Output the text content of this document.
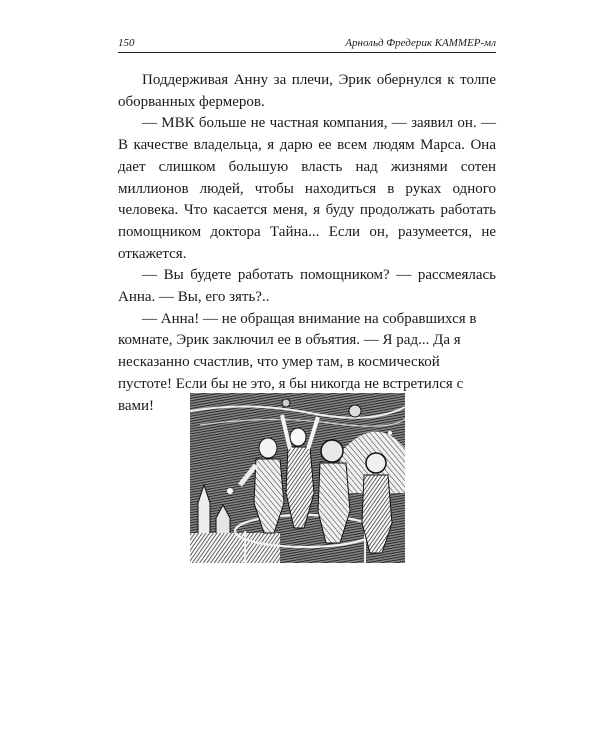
150	Арнольд Фредерик КАММЕР-мл

Поддерживая Анну за плечи, Эрик обернулся к толпе оборванных фермеров.

— МВК больше не частная компания, — заявил он. — В качестве владельца, я дарю ее всем людям Марса. Она дает слишком большую власть над жизнями сотен миллионов людей, чтобы находиться в руках одного человека. Что касается меня, я буду продолжать работать помощником доктора Тайна... Если он, разумеется, не откажется.

— Вы будете работать помощником? — рассмеялась Анна. — Вы, его зять?..

— Анна! — не обращая внимание на собравшихся в комнате, Эрик заключил ее в объятия. — Я рад... Да я несказанно счастлив, что умер там, в космической пустоте! Если бы не это, я бы никогда не встретился с вами!
